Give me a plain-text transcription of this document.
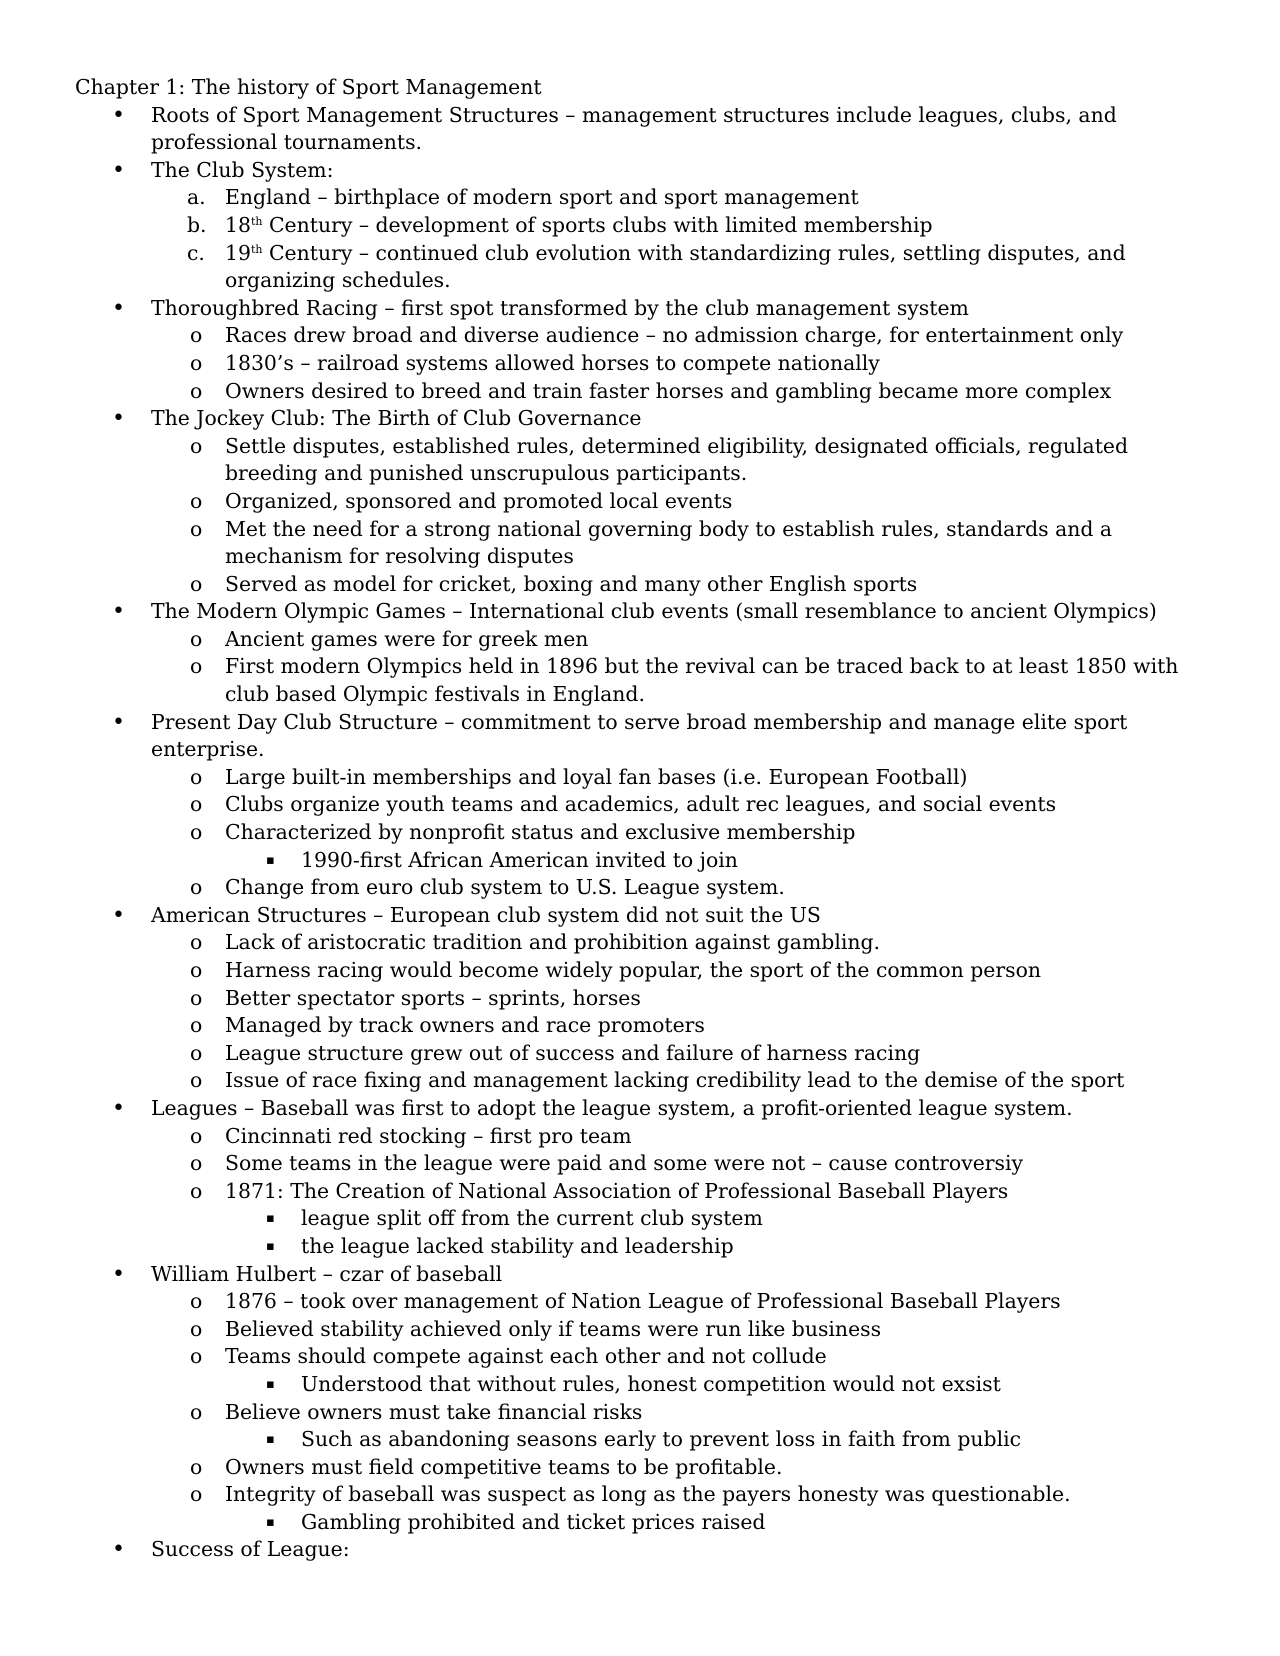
Chapter 1: The history of Sport Management
• Roots of Sport Management Structures – management structures include leagues, clubs, and professional tournaments.
• The Club System:
a. England – birthplace of modern sport and sport management
b. 18th Century – development of sports clubs with limited membership
c. 19th Century – continued club evolution with standardizing rules, settling disputes, and organizing schedules.
• Thoroughbred Racing – first spot transformed by the club management system
o Races drew broad and diverse audience – no admission charge, for entertainment only
o 1830’s – railroad systems allowed horses to compete nationally
o Owners desired to breed and train faster horses and gambling became more complex
• The Jockey Club: The Birth of Club Governance
o Settle disputes, established rules, determined eligibility, designated officials, regulated breeding and punished unscrupulous participants.
o Organized, sponsored and promoted local events
o Met the need for a strong national governing body to establish rules, standards and a mechanism for resolving disputes
o Served as model for cricket, boxing and many other English sports
• The Modern Olympic Games – International club events (small resemblance to ancient Olympics)
o Ancient games were for greek men
o First modern Olympics held in 1896 but the revival can be traced back to at least 1850 with club based Olympic festivals in England.
• Present Day Club Structure – commitment to serve broad membership and manage elite sport enterprise.
o Large built-in memberships and loyal fan bases (i.e. European Football)
o Clubs organize youth teams and academics, adult rec leagues, and social events
o Characterized by nonprofit status and exclusive membership
▪ 1990-first African American invited to join
o Change from euro club system to U.S. League system.
• American Structures – European club system did not suit the US
o Lack of aristocratic tradition and prohibition against gambling.
o Harness racing would become widely popular, the sport of the common person
o Better spectator sports – sprints, horses
o Managed by track owners and race promoters
o League structure grew out of success and failure of harness racing
o Issue of race fixing and management lacking credibility lead to the demise of the sport
• Leagues – Baseball was first to adopt the league system, a profit-oriented league system.
o Cincinnati red stocking – first pro team
o Some teams in the league were paid and some were not – cause controversiy
o 1871: The Creation of National Association of Professional Baseball Players
▪ league split off from the current club system
▪ the league lacked stability and leadership
• William Hulbert – czar of baseball
o 1876 – took over management of Nation League of Professional Baseball Players
o Believed stability achieved only if teams were run like business
o Teams should compete against each other and not collude
▪ Understood that without rules, honest competition would not exsist
o Believe owners must take financial risks
▪ Such as abandoning seasons early to prevent loss in faith from public
o Owners must field competitive teams to be profitable.
o Integrity of baseball was suspect as long as the payers honesty was questionable.
▪ Gambling prohibited and ticket prices raised
• Success of League:
